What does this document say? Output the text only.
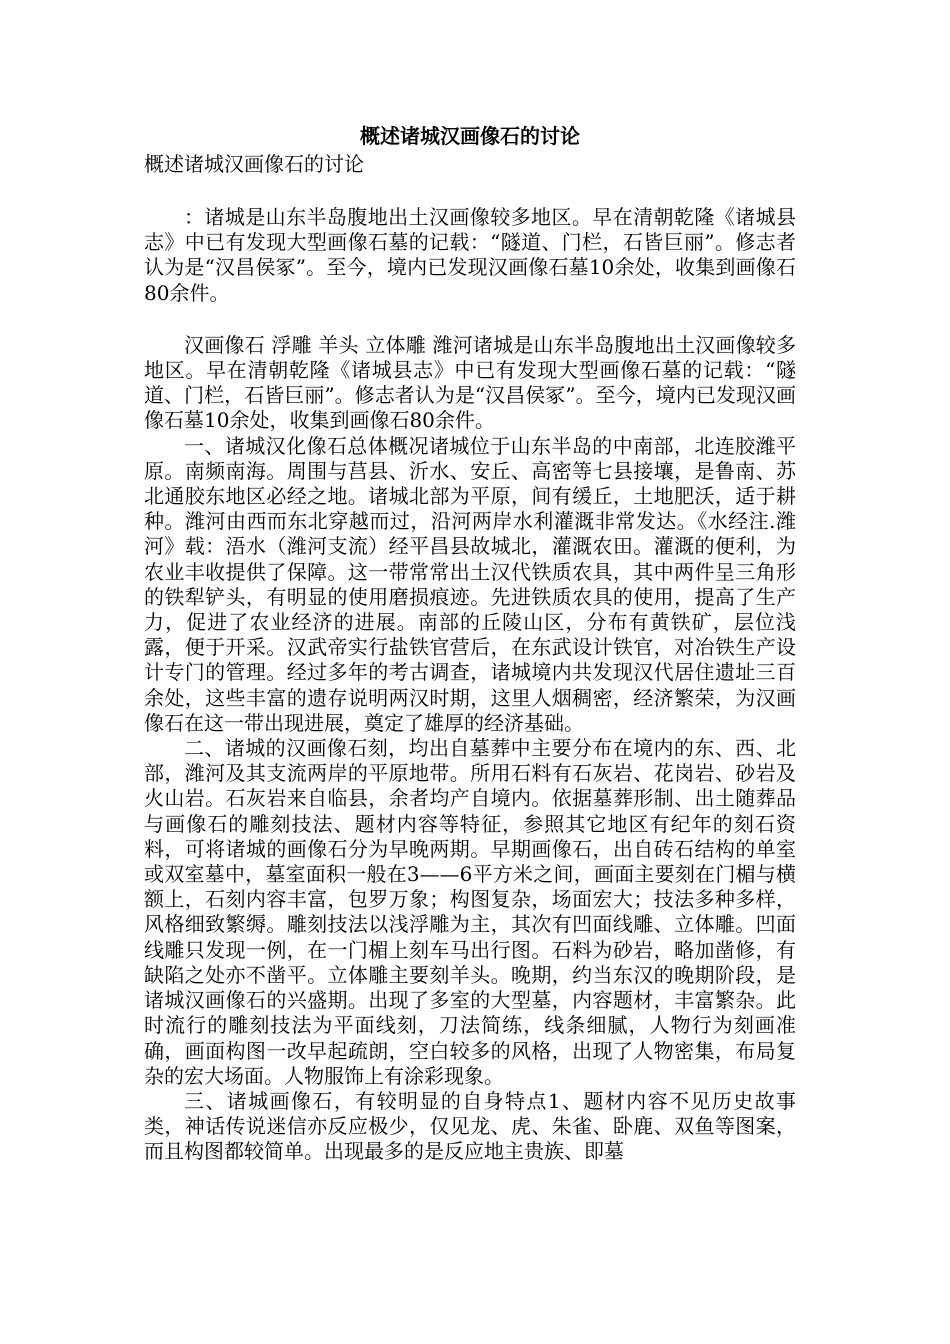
概述诸城汉画像石的讨论

概述诸城汉画像石的讨论

：诸城是山东半岛腹地出土汉画像较多地区。早在清朝乾隆《诸城县志》中已有发现大型画像石墓的记载：“隧道、门栏，石皆巨丽”。修志者认为是“汉昌侯冢”。至今，境内已发现汉画像石墓10余处，收集到画像石80余件。

汉画像石 浮雕 羊头 立体雕 潍河诸城是山东半岛腹地出土汉画像较多地区。早在清朝乾隆《诸城县志》中已有发现大型画像石墓的记载：“隧道、门栏，石皆巨丽”。修志者认为是“汉昌侯冢”。至今，境内已发现汉画像石墓10余处，收集到画像石80余件。

一、诸城汉化像石总体概况诸城位于山东半岛的中南部，北连胶潍平原。南频南海。周围与莒县、沂水、安丘、高密等七县接壤，是鲁南、苏北通胶东地区必经之地。诸城北部为平原，间有缓丘，土地肥沃，适于耕种。潍河由西而东北穿越而过，沿河两岸水利灌溉非常发达。《水经注.潍河》载：浯水（潍河支流）经平昌县故城北，灌溉农田。灌溉的便利，为农业丰收提供了保障。这一带常常出土汉代铁质农具，其中两件呈三角形的铁犁铲头，有明显的使用磨损痕迹。先进铁质农具的使用，提高了生产力，促进了农业经济的进展。南部的丘陵山区，分布有黄铁矿，层位浅露，便于开采。汉武帝实行盐铁官营后，在东武设计铁官，对冶铁生产设计专门的管理。经过多年的考古调查，诸城境内共发现汉代居住遗址三百余处，这些丰富的遗存说明两汉时期，这里人烟稠密，经济繁荣，为汉画像石在这一带出现进展，奠定了雄厚的经济基础。

二、诸城的汉画像石刻，均出自墓葬中主要分布在境内的东、西、北部，潍河及其支流两岸的平原地带。所用石料有石灰岩、花岗岩、砂岩及火山岩。石灰岩来自临县，余者均产自境内。依据墓葬形制、出土随葬品与画像石的雕刻技法、题材内容等特征，参照其它地区有纪年的刻石资料，可将诸城的画像石分为早晚两期。早期画像石，出自砖石结构的单室或双室墓中，墓室面积一般在3——6平方米之间，画面主要刻在门楣与横额上，石刻内容丰富，包罗万象；构图复杂，场面宏大；技法多种多样，风格细致繁缛。雕刻技法以浅浮雕为主，其次有凹面线雕、立体雕。凹面线雕只发现一例，在一门楣上刻车马出行图。石料为砂岩，略加凿修，有缺陷之处亦不凿平。立体雕主要刻羊头。晚期，约当东汉的晚期阶段，是诸城汉画像石的兴盛期。出现了多室的大型墓，内容题材，丰富繁杂。此时流行的雕刻技法为平面线刻，刀法简练，线条细腻，人物行为刻画准确，画面构图一改早起疏朗，空白较多的风格，出现了人物密集，布局复杂的宏大场面。人物服饰上有涂彩现象。

三、诸城画像石，有较明显的自身特点1、题材内容不见历史故事类，神话传说迷信亦反应极少，仅见龙、虎、朱雀、卧鹿、双鱼等图案，而且构图都较简单。出现最多的是反应地主贵族、即墓
